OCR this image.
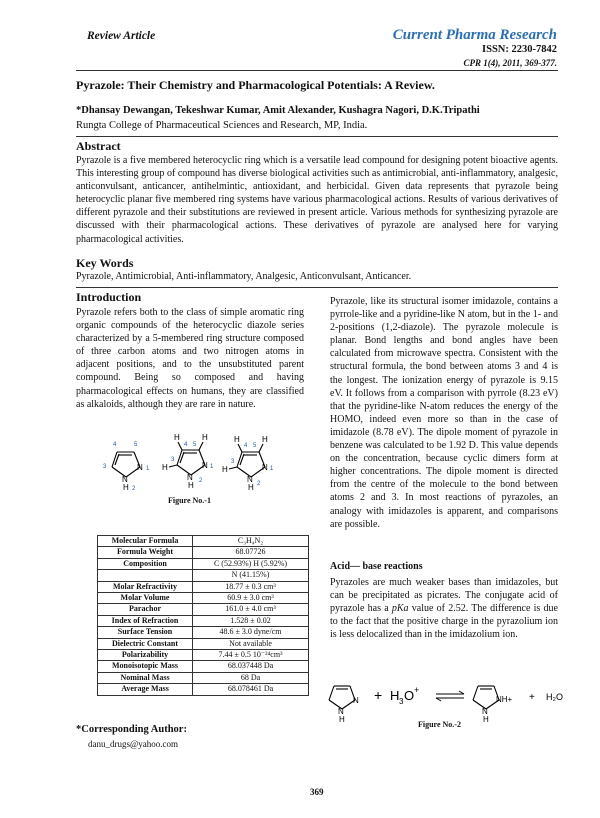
Review Article	Current Pharma Research
ISSN: 2230-7842
CPR 1(4), 2011, 369-377.
Pyrazole: Their Chemistry and Pharmacological Potentials: A Review.
*Dhansay Dewangan, Tekeshwar Kumar, Amit Alexander, Kushagra Nagori, D.K.Tripathi
Rungta College of Pharmaceutical Sciences and Research, MP, India.
Abstract
Pyrazole is a five membered heterocyclic ring which is a versatile lead compound for designing potent bioactive agents. This interesting group of compound has diverse biological activities such as antimicrobial, anti-inflammatory, analgesic, anticonvulsant, anticancer, antihelmintic, antioxidant, and herbicidal. Given data represents that pyrazole being heterocyclic planar five membered ring systems have various pharmacological actions. Results of various derivatives of different pyrazole and their substitutions are reviewed in present article. Various methods for synthesizing pyrazole are discussed with their pharmacological actions. These derivatives of pyrazole are analysed here for varying pharmacological activities.
Key Words
Pyrazole, Antimicrobial, Anti-inflammatory, Analgesic, Anticonvulsant, Anticancer.
Introduction
Pyrazole refers both to the class of simple aromatic ring organic compounds of the heterocyclic diazole series characterized by a 5-membered ring structure composed of three carbon atoms and two nitrogen atoms in adjacent positions, and to the unsubstituted parent compound. Being so composed and having pharmacological effects on humans, they are classified as alkaloids, although they are rare in nature.
N
N
H
1
2
3
4	5
H	H
H	N
N
H
3
4 5
1
2
H	H
H	N
N
H
3
4 5
1
2
Figure No.-1
Molecular Formula	C₃H₄N₂
Formula Weight	68.07726
Composition	C (52.93%) H (5.92%)
	N (41.15%)
Molar Refractivity	18.77 ± 0.3 cm³
Molar Volume	60.9 ± 3.0 cm³
Parachor	161.0 ± 4.0 cm³
Index of Refraction	1.528 ± 0.02
Surface Tension	48.6 ± 3.0 dyne/cm
Dielectric Constant	Not available
Polarizability	7.44 ± 0.5 10⁻²⁴cm³
Monoisotopic Mass	68.037448 Da
Nominal Mass	68 Da
Average Mass	68.078461 Da
*Corresponding Author:
danu_drugs@yahoo.com
Pyrazole, like its structural isomer imidazole, contains a pyrrole-like and a pyridine-like N atom, but in the 1- and 2-positions (1,2-diazole). The pyrazole molecule is planar. Bond lengths and bond angles have been calculated from microwave spectra. Consistent with the structural formula, the bond between atoms 3 and 4 is the longest. The ionization energy of pyrazole is 9.15 eV. It follows from a comparison with pyrrole (8.23 eV) that the pyridine-like N-atom reduces the energy of the HOMO, indeed even more so than in the case of imidazole (8.78 eV). The dipole moment of pyrazole in benzene was calculated to be 1.92 D. This value depends on the concentration, because cyclic dimers form at higher concentrations. The dipole moment is directed from the centre of the molecule to the bond between atoms 2 and 3. In most reactions of pyrazoles, an analogy with imidazoles is apparent, and comparisons are possible.
Acid— base reactions
Pyrazoles are much weaker bases than imidazoles, but can be precipitated as picrates. The conjugate acid of pyrazole has a pKa value of 2.52. The difference is due to the fact that the positive charge in the pyrazolium ion is less delocalized than in the imidazolium ion.
N
N
H
+ H 3 O +
NH+
N
H
+ H₂O
Figure No.-2
369
